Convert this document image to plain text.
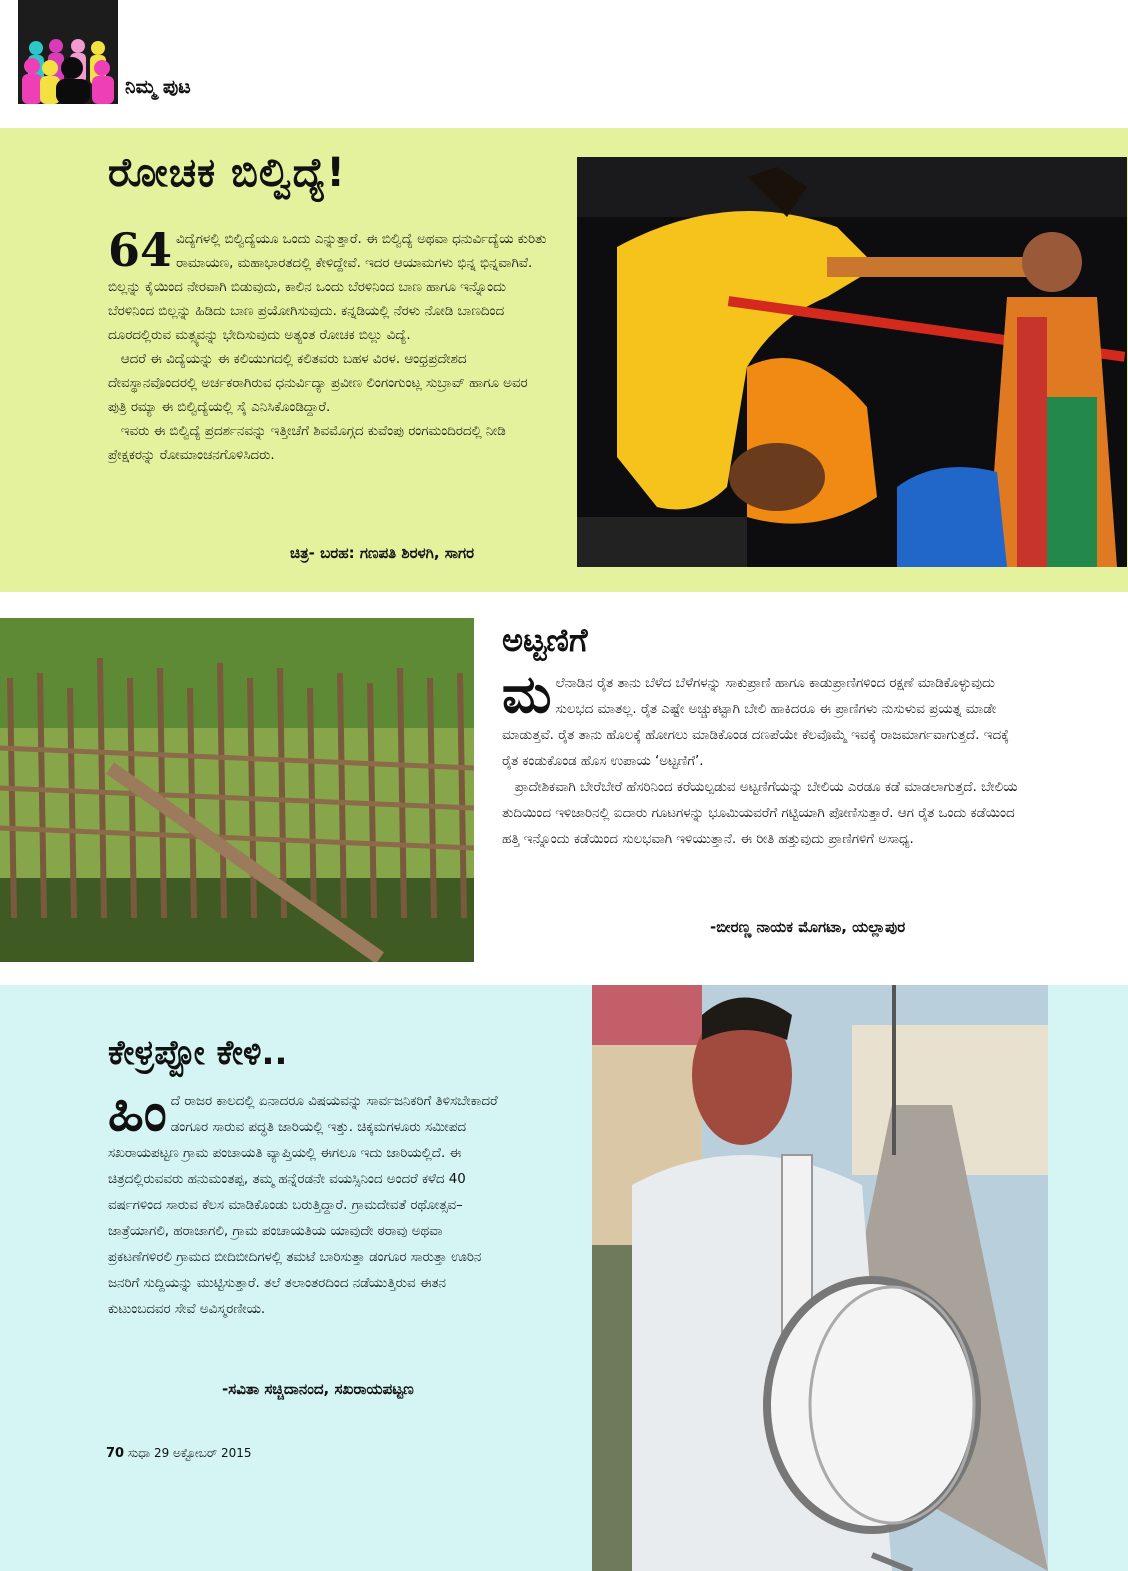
ನಿಮ್ಮ ಪುಟ
ರೋಚಕ ಬಿಲ್ವಿದ್ಯೆ!

64 ವಿದ್ಯೆಗಳಲ್ಲಿ ಬಿಲ್ವಿದ್ಯೆಯೂ ಒಂದು ಎನ್ನುತ್ತಾರೆ. ಈ ಬಿಲ್ವಿದ್ಯೆ ಅಥವಾ ಧನುರ್ವಿದ್ಯೆಯ ಕುರಿತು ರಾಮಾಯಣ, ಮಹಾಭಾರತದಲ್ಲಿ ಕೇಳಿದ್ದೇವೆ. ಇದರ ಆಯಾಮಗಳು ಭಿನ್ನ ಭಿನ್ನವಾಗಿವೆ. ಬಿಲ್ಲನ್ನು ಕೈಯಿಂದ ನೇರವಾಗಿ ಬಿಡುವುದು, ಕಾಲಿನ ಒಂದು ಬೆರಳಿನಿಂದ ಬಾಣ ಹಾಗೂ ಇನ್ನೊಂದು ಬೆರಳಿನಿಂದ ಬಿಲ್ಲನ್ನು ಹಿಡಿದು ಬಾಣ ಪ್ರಯೋಗಿಸುವುದು. ಕನ್ನಡಿಯಲ್ಲಿ ನೆರಳು ನೋಡಿ ಬಾಣದಿಂದ ದೂರದಲ್ಲಿರುವ ಮತ್ಸ್ಯವನ್ನು ಭೇದಿಸುವುದು ಅತ್ಯಂತ ರೋಚಕ ಬಿಲ್ಲು ವಿದ್ಯೆ.

ಆದರೆ ಈ ವಿದ್ಯೆಯನ್ನು ಈ ಕಲಿಯುಗದಲ್ಲಿ ಕಲಿತವರು ಬಹಳ ವಿರಳ. ಆಂಧ್ರಪ್ರದೇಶದ ದೇವಸ್ಥಾನವೊಂದರಲ್ಲಿ ಅರ್ಚಕರಾಗಿರುವ ಧನುರ್ವಿದ್ಯಾ ಪ್ರವೀಣ ಲಿಂಗಂಗುಂಟ್ಲ ಸುಬ್ರಾವ್ ಹಾಗೂ ಅವರ ಪುತ್ರಿ ರಮ್ಯಾ ಈ ಬಿಲ್ವಿದ್ಯೆಯಲ್ಲಿ ಸೈ ಎನಿಸಿಕೊಂಡಿದ್ದಾರೆ.

ಇವರು ಈ ಬಿಲ್ವಿದ್ಯೆ ಪ್ರದರ್ಶನವನ್ನು ಇತ್ತೀಚೆಗೆ ಶಿವಮೊಗ್ಗದ ಕುವೆಂಪು ರಂಗಮಂದಿರದಲ್ಲಿ ನೀಡಿ ಪ್ರೇಕ್ಷಕರನ್ನು ರೋಮಾಂಚನಗೊಳಿಸಿದರು.

ಚಿತ್ರ- ಬರಹ: ಗಣಪತಿ ಶಿರಳಗಿ, ಸಾಗರ
ಅಟ್ಟಣಿಗೆ

ಮಲೆನಾಡಿನ ರೈತ ತಾನು ಬೆಳೆದ ಬೆಳೆಗಳನ್ನು ಸಾಕುಪ್ರಾಣಿ ಹಾಗೂ ಕಾಡುಪ್ರಾಣಿಗಳಿಂದ ರಕ್ಷಣೆ ಮಾಡಿಕೊಳ್ಳುವುದು ಸುಲಭದ ಮಾತಲ್ಲ. ರೈತ ಎಷ್ಟೇ ಅಚ್ಚುಕಟ್ಟಾಗಿ ಬೇಲಿ ಹಾಕಿದರೂ ಈ ಪ್ರಾಣಿಗಳು ನುಸುಳುವ ಪ್ರಯತ್ನ ಮಾಡೇ ಮಾಡುತ್ತವೆ. ರೈತ ತಾನು ಹೊಲಕ್ಕೆ ಹೋಗಲು ಮಾಡಿಕೊಂಡ ದಣಪೆಯೇ ಕೆಲವೊಮ್ಮೆ ಇವಕ್ಕೆ ರಾಜಮಾರ್ಗವಾಗುತ್ತದೆ. ಇದಕ್ಕೆ ರೈತ ಕಂಡುಕೊಂಡ ಹೊಸ ಉಪಾಯ ‘ಅಟ್ಟಣಿಗೆ’.

ಪ್ರಾದೇಶಿಕವಾಗಿ ಬೇರೆಬೇರೆ ಹೆಸರಿನಿಂದ ಕರೆಯಲ್ಪಡುವ ಅಟ್ಟಣಿಗೆಯನ್ನು ಬೇಲಿಯ ಎರಡೂ ಕಡೆ ಮಾಡಲಾಗುತ್ತದೆ. ಬೇಲಿಯ ತುದಿಯಿಂದ ಇಳಿಜಾರಿನಲ್ಲಿ ಐದಾರು ಗೂಟಗಳನ್ನು ಭೂಮಿಯವರೆಗೆ ಗಟ್ಟಿಯಾಗಿ ಪೋಣಿಸುತ್ತಾರೆ. ಆಗ ರೈತ ಒಂದು ಕಡೆಯಿಂದ ಹತ್ತಿ ಇನ್ನೊಂದು ಕಡೆಯಿಂದ ಸುಲಭವಾಗಿ ಇಳಿಯುತ್ತಾನೆ. ಈ ರೀತಿ ಹತ್ತುವುದು ಪ್ರಾಣಿಗಳಿಗೆ ಅಸಾಧ್ಯ.

-ಬೀರಣ್ಣ ನಾಯಕ ಮೊಗಟಾ, ಯಲ್ಲಾಪುರ
ಕೇಳ್ರಪ್ಪೋ ಕೇಳಿ..

ಹಿಂದೆ ರಾಜರ ಕಾಲದಲ್ಲಿ ಏನಾದರೂ ವಿಷಯವನ್ನು ಸಾರ್ವಜನಿಕರಿಗೆ ತಿಳಿಸಬೇಕಾದರೆ ಡಂಗೂರ ಸಾರುವ ಪದ್ಧತಿ ಜಾರಿಯಲ್ಲಿ ಇತ್ತು. ಚಿಕ್ಕಮಗಳೂರು ಸಮೀಪದ ಸಖರಾಯಪಟ್ಟಣ ಗ್ರಾಮ ಪಂಚಾಯತಿ ವ್ಯಾಪ್ತಿಯಲ್ಲಿ ಈಗಲೂ ಇದು ಜಾರಿಯಲ್ಲಿದೆ. ಈ ಚಿತ್ರದಲ್ಲಿರುವವರು ಹನುಮಂತಪ್ಪ, ತಮ್ಮ ಹನ್ನೆರಡನೇ ವಯಸ್ಸಿನಿಂದ ಅಂದರೆ ಕಳೆದ 40 ವರ್ಷಗಳಿಂದ ಸಾರುವ ಕೆಲಸ ಮಾಡಿಕೊಂಡು ಬರುತ್ತಿದ್ದಾರೆ. ಗ್ರಾಮದೇವತೆ ರಥೋತ್ಸವ–ಜಾತ್ರೆಯಾಗಲಿ, ಹರಾಜಾಗಲಿ, ಗ್ರಾಮ ಪಂಚಾಯತಿಯ ಯಾವುದೇ ಠರಾವು ಅಥವಾ ಪ್ರಕಟಣೆಗಳಿರಲಿ ಗ್ರಾಮದ ಬೀದಿಬೀದಿಗಳಲ್ಲಿ ತಮಟೆ ಬಾರಿಸುತ್ತಾ ಡಂಗೂರ ಸಾರುತ್ತಾ ಊರಿನ ಜನರಿಗೆ ಸುದ್ದಿಯನ್ನು ಮುಟ್ಟಿಸುತ್ತಾರೆ. ತಲೆ ತಲಾಂತರದಿಂದ ನಡೆಯುತ್ತಿರುವ ಈತನ ಕುಟುಂಬದವರ ಸೇವೆ ಅವಿಸ್ಮರಣೀಯ.

-ಸವಿತಾ ಸಚ್ಚಿದಾನಂದ, ಸಖರಾಯಪಟ್ಟಣ
70 ಸುಧಾ 29 ಅಕ್ಟೋಬರ್ 2015
